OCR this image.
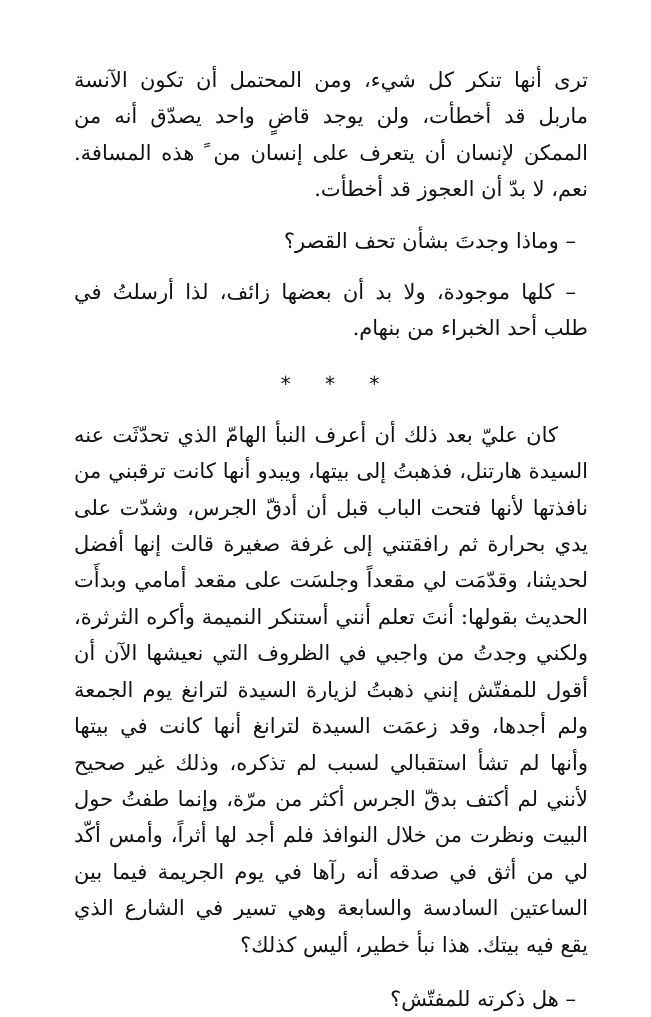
ترى أنها تنكر كل شيء، ومن المحتمل أن تكون الآنسة ماربل قد أخطأت، ولن يوجد قاضٍ واحد يصدّق أنه من الممكن لإنسان أن يتعرف على إنسان من ً هذه المسافة. نعم، لا بدّ أن العجوز قد أخطأت.

– وماذا وجدتَ بشأن تحف القصر؟

– كلها موجودة، ولا بد أن بعضها زائف، لذا أرسلتُ في طلب أحد الخبراء من بنهام.

* * *

كان عليّ بعد ذلك أن أعرف النبأ الهامّ الذي تحدّثَت عنه السيدة هارتنل، فذهبتُ إلى بيتها، ويبدو أنها كانت ترقبني من نافذتها لأنها فتحت الباب قبل أن أدقّ الجرس، وشدّت على يدي بحرارة ثم رافقتني إلى غرفة صغيرة قالت إنها أفضل لحديثنا، وقدّمَت لي مقعداً وجلسَت على مقعد أمامي وبدأَت الحديث بقولها: أنتَ تعلم أنني أستنكر النميمة وأكره الثرثرة، ولكني وجدتُ من واجبي في الظروف التي نعيشها الآن أن أقول للمفتّش إنني ذهبتُ لزيارة السيدة لترانغ يوم الجمعة ولم أجدها، وقد زعمَت السيدة لترانغ أنها كانت في بيتها وأنها لم تشأ استقبالي لسبب لم تذكره، وذلك غير صحيح لأنني لم أكتف بدقّ الجرس أكثر من مرّة، وإنما طفتُ حول البيت ونظرت من خلال النوافذ فلم أجد لها أثراً، وأمس أكّد لي من أثق في صدقه أنه رآها في يوم الجريمة فيما بين الساعتين السادسة والسابعة وهي تسير في الشارع الذي يقع فيه بيتك. هذا نبأ خطير، أليس كذلك؟

– هل ذكرته للمفتّش؟
